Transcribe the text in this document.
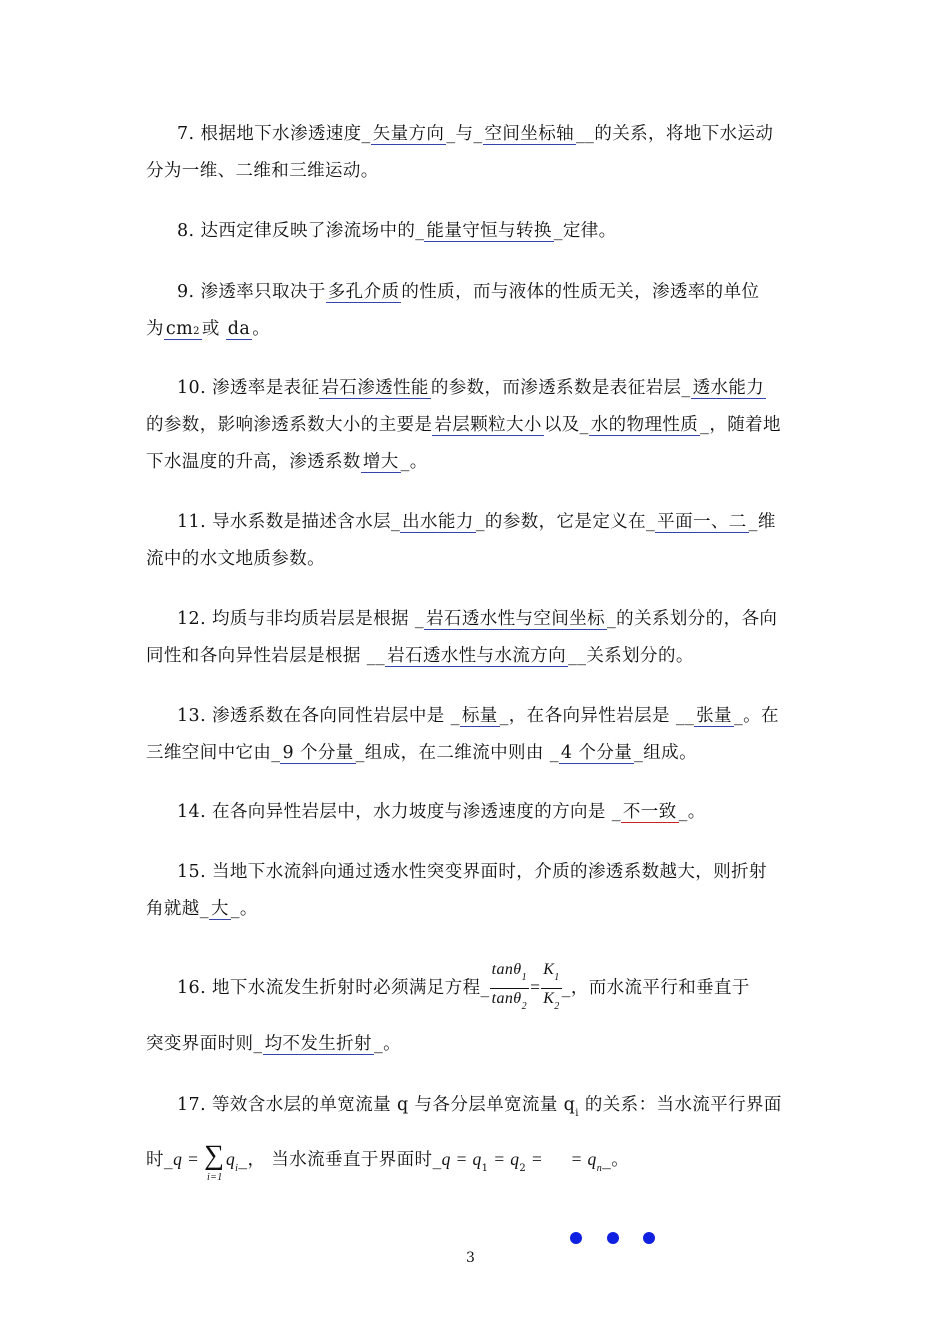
7. 根据地下水渗透速度_ 矢量方向 _与_ 空间坐标轴 __的关系，将地下水运动
分为一维、二维和三维运动。
8. 达西定律反映了渗流场中的_ 能量守恒与转换 _定律。
9. 渗透率只取决于 多孔介质 的性质，而与液体的性质无关，渗透率的单位
为 cm2 或 da 。
10. 渗透率是表征 岩石渗透性能 的参数，而渗透系数是表征岩层_ 透水能力
的参数，影响渗透系数大小的主要是 岩层颗粒大小 以及_ 水的物理性质 _，随着地
下水温度的升高，渗透系数 增大 _。
11. 导水系数是描述含水层_ 出水能力 _的参数，它是定义在_ 平面一、二 _维
流中的水文地质参数。
12. 均质与非均质岩层是根据 _ 岩石透水性与空间坐标 _的关系划分的，各向
同性和各向异性岩层是根据 __ 岩石透水性与水流方向 __关系划分的。
13. 渗透系数在各向同性岩层中是 _ 标量 _，在各向异性岩层是 __ 张量 _。在
三维空间中它由_ 9 个分量 _组成，在二维流中则由 _ 4 个分量 _组成。
14. 在各向异性岩层中，水力坡度与渗透速度的方向是 _ 不一致 _。
15. 当地下水流斜向通过透水性突变界面时，介质的渗透系数越大，则折射
角就越_ 大 _。
16. 地下水流发生折射时必须满足方程_ $\frac{\tan\theta_1}{\tan\theta_2} = \frac{K_1}{K_2}$ _，而水流平行和垂直于
突变界面时则_ 均不发生折射 _。
17. 等效含水层的单宽流量 q 与各分层单宽流量 $q_i$ 的关系：当水流平行界面
时_q = ∑
i=1
$q_i\_$， 当水流垂直于界面时_q = $q_1 = q_2$ =     = $q_n\_$。
3
